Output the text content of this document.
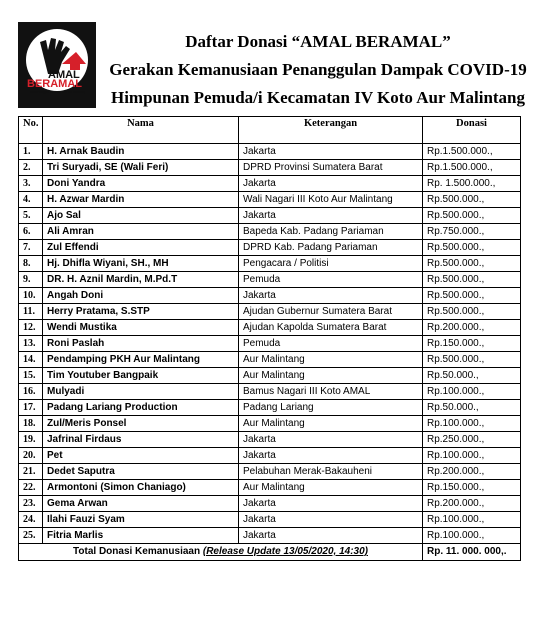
AMAL
BERAMAL
Gerak Tanggap Bencana Koto Aur Malintang
Daftar Donasi “AMAL BERAMAL”
Gerakan Kemanusiaan Penanggulan Dampak COVID-19
Himpunan Pemuda/i Kecamatan IV Koto Aur Malintang
No.	Nama	Keterangan	Donasi
1.	H. Arnak Baudin	Jakarta	Rp.1.500.000.,
2.	Tri Suryadi, SE (Wali Feri)	DPRD Provinsi Sumatera Barat	Rp.1.500.000.,
3.	Doni Yandra	Jakarta	Rp. 1.500.000.,
4.	H. Azwar Mardin	Wali Nagari III Koto Aur Malintang	Rp.500.000.,
5.	Ajo Sal	Jakarta	Rp.500.000.,
6.	Ali Amran	Bapeda Kab. Padang Pariaman	Rp.750.000.,
7.	Zul Effendi	DPRD Kab. Padang Pariaman	Rp.500.000.,
8.	Hj. Dhifla Wiyani, SH., MH	Pengacara / Politisi	Rp.500.000.,
9.	DR. H. Aznil Mardin, M.Pd.T	Pemuda	Rp.500.000.,
10.	Angah Doni	Jakarta	Rp.500.000.,
11.	Herry Pratama, S.STP	Ajudan Gubernur Sumatera Barat	Rp.500.000.,
12.	Wendi Mustika	Ajudan Kapolda Sumatera Barat	Rp.200.000.,
13.	Roni Paslah	Pemuda	Rp.150.000.,
14.	Pendamping PKH Aur Malintang	Aur Malintang	Rp.500.000.,
15.	Tim Youtuber Bangpaik	Aur Malintang	Rp.50.000.,
16.	Mulyadi	Bamus Nagari III Koto AMAL	Rp.100.000.,
17.	Padang Lariang Production	Padang Lariang	Rp.50.000.,
18.	Zul/Meris Ponsel	Aur Malintang	Rp.100.000.,
19.	Jafrinal Firdaus	Jakarta	Rp.250.000.,
20.	Pet	Jakarta	Rp.100.000.,
21.	Dedet Saputra	Pelabuhan Merak-Bakauheni	Rp.200.000.,
22.	Armontoni (Simon Chaniago)	Aur Malintang	Rp.150.000.,
23.	Gema Arwan	Jakarta	Rp.200.000.,
24.	Ilahi Fauzi Syam	Jakarta	Rp.100.000.,
25.	Fitria Marlis	Jakarta	Rp.100.000.,
Total Donasi Kemanusiaan (Release Update 13/05/2020, 14:30)			Rp. 11. 000. 000,.
